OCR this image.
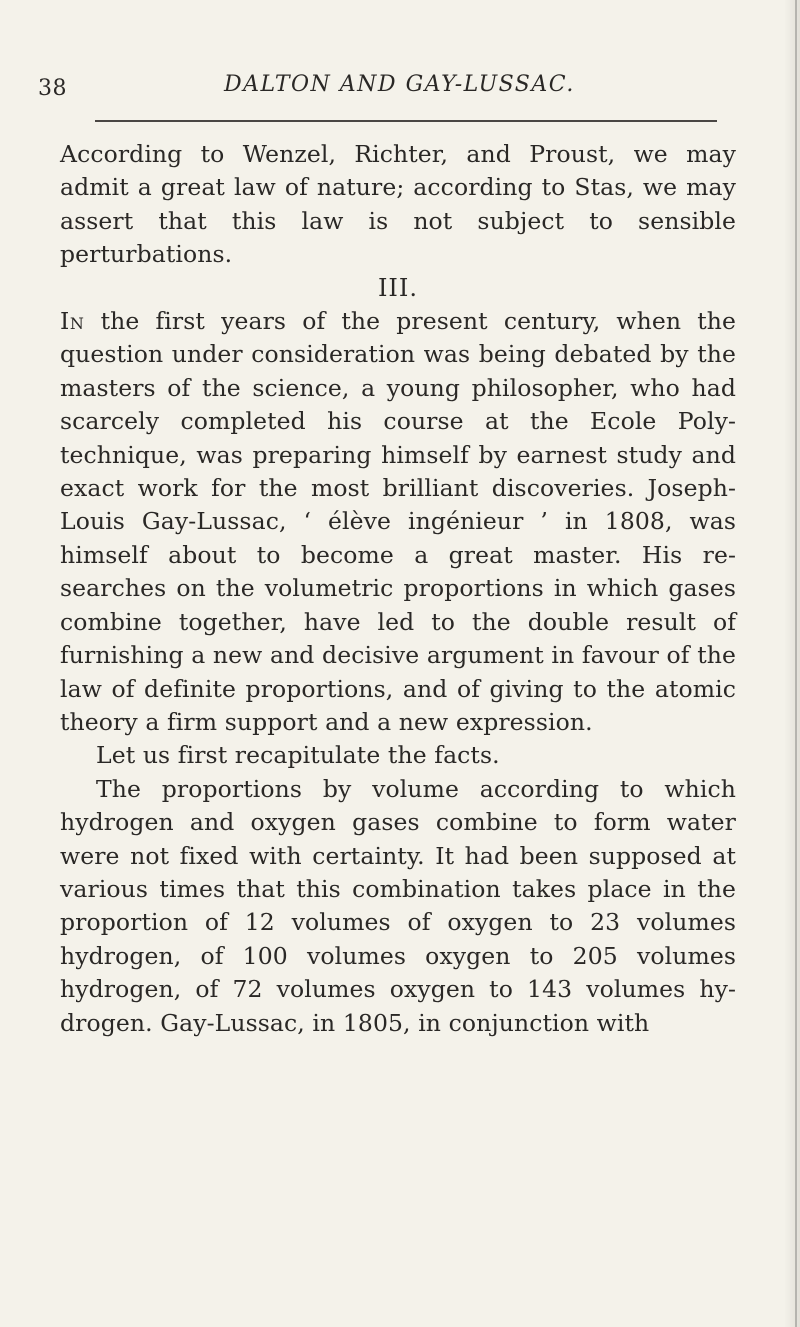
38	DALTON AND GAY-LUSSAC.

According to Wenzel, Richter, and Proust, we may admit a great law of nature; according to Stas, we may assert that this law is not subject to sensible perturbations.

III.

In the first years of the present century, when the question under consideration was being debated by the masters of the science, a young philosopher, who had scarcely completed his course at the Ecole Poly-technique, was preparing himself by earnest study and exact work for the most brilliant discoveries. Joseph-Louis Gay-Lussac, ‘ élève ingénieur ’ in 1808, was himself about to become a great master. His re-searches on the volumetric proportions in which gases combine together, have led to the double result of furnishing a new and decisive argument in favour of the law of definite proportions, and of giving to the atomic theory a firm support and a new expression.

Let us first recapitulate the facts.

The proportions by volume according to which hydrogen and oxygen gases combine to form water were not fixed with certainty. It had been supposed at various times that this combination takes place in the proportion of 12 volumes of oxygen to 23 volumes hydrogen, of 100 volumes oxygen to 205 volumes hydrogen, of 72 volumes oxygen to 143 volumes hy-drogen. Gay-Lussac, in 1805, in conjunction with
